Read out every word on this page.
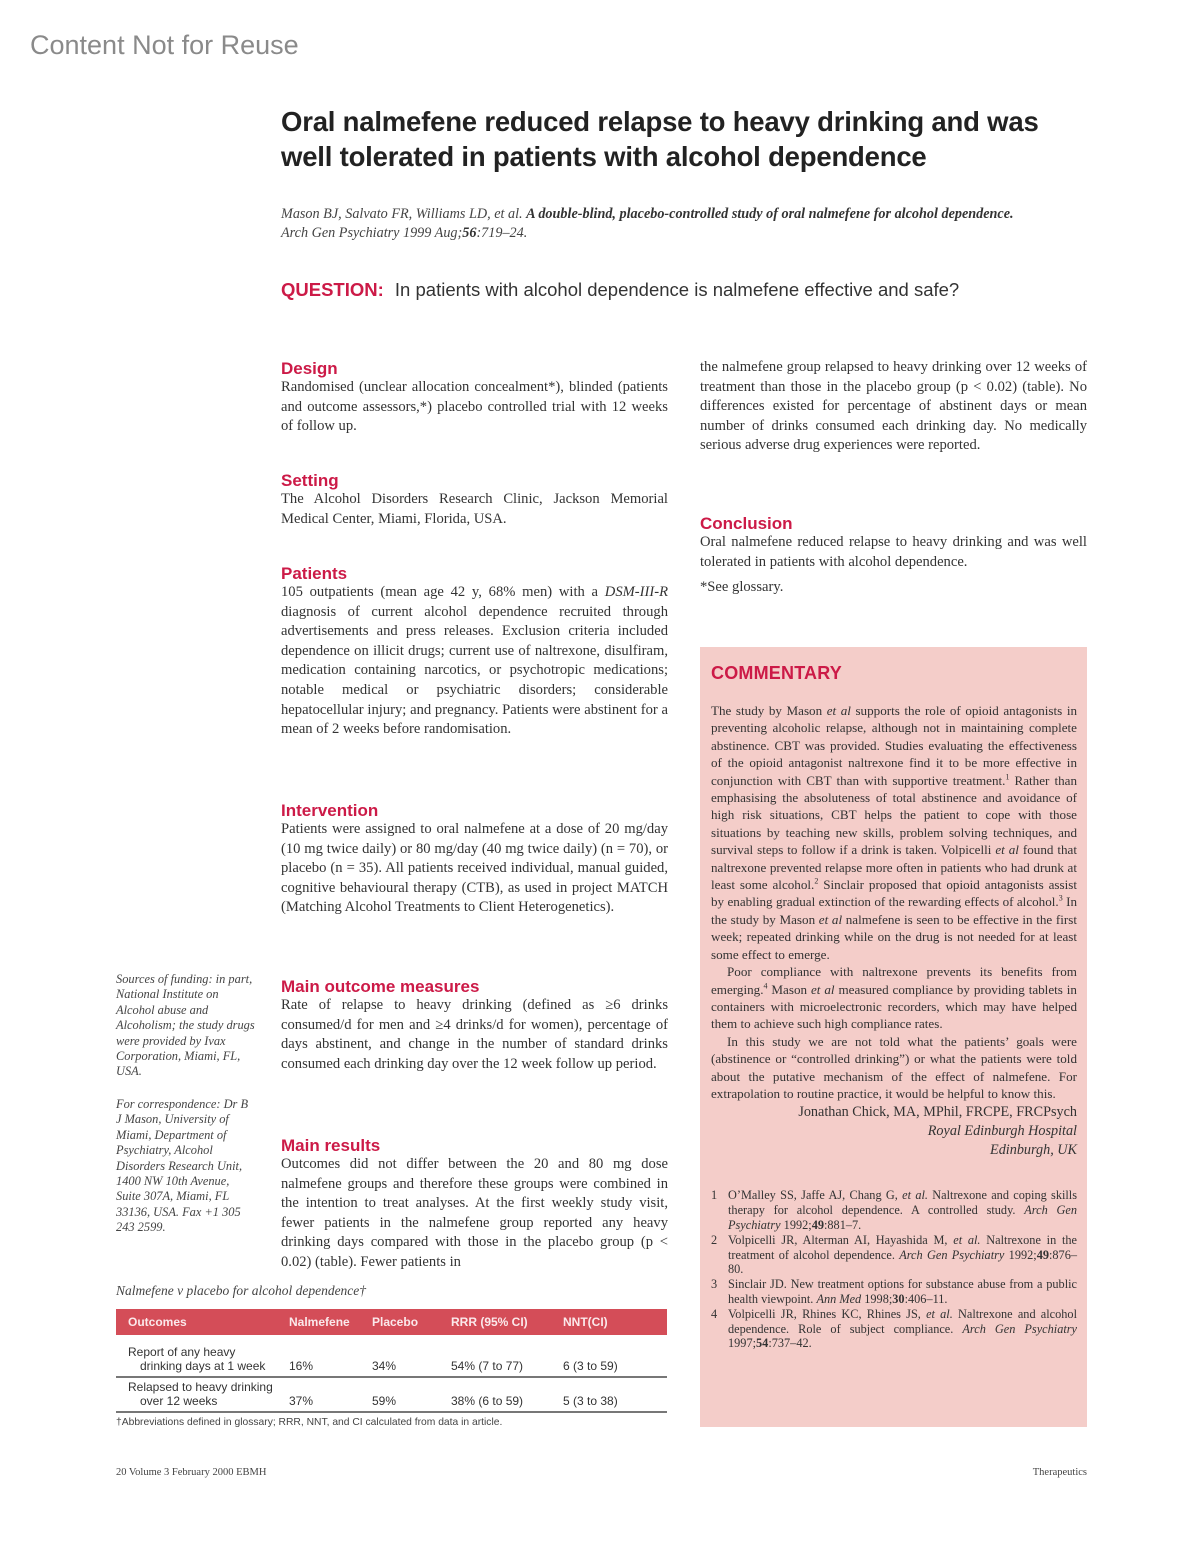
Content Not for Reuse
Oral nalmefene reduced relapse to heavy drinking and was well tolerated in patients with alcohol dependence
Mason BJ, Salvato FR, Williams LD, et al. A double-blind, placebo-controlled study of oral nalmefene for alcohol dependence. Arch Gen Psychiatry 1999 Aug;56:719–24.
QUESTION: In patients with alcohol dependence is nalmefene effective and safe?
Design

Randomised (unclear allocation concealment*), blinded (patients and outcome assessors,*) placebo controlled trial with 12 weeks of follow up.

Setting

The Alcohol Disorders Research Clinic, Jackson Memorial Medical Center, Miami, Florida, USA.

Patients

105 outpatients (mean age 42 y, 68% men) with a DSM-III-R diagnosis of current alcohol dependence recruited through advertisements and press releases. Exclusion criteria included dependence on illicit drugs; current use of naltrexone, disulfiram, medication containing narcotics, or psychotropic medications; notable medical or psychiatric disorders; considerable hepatocellular injury; and pregnancy. Patients were abstinent for a mean of 2 weeks before randomisation.

Intervention

Patients were assigned to oral nalmefene at a dose of 20 mg/day (10 mg twice daily) or 80 mg/day (40 mg twice daily) (n = 70), or placebo (n = 35). All patients received individual, manual guided, cognitive behavioural therapy (CTB), as used in project MATCH (Matching Alcohol Treatments to Client Heterogenetics).

Main outcome measures

Rate of relapse to heavy drinking (defined as ≥6 drinks consumed/d for men and ≥4 drinks/d for women), percentage of days abstinent, and change in the number of standard drinks consumed each drinking day over the 12 week follow up period.

Main results

Outcomes did not differ between the 20 and 80 mg dose nalmefene groups and therefore these groups were combined in the intention to treat analyses. At the first weekly study visit, fewer patients in the nalmefene group reported any heavy drinking days compared with those in the placebo group (p < 0.02) (table). Fewer patients in

Sources of funding: in part, National Institute on Alcohol abuse and Alcoholism; the study drugs were provided by Ivax Corporation, Miami, FL, USA.
For correspondence: Dr B J Mason, University of Miami, Department of Psychiatry, Alcohol Disorders Research Unit, 1400 NW 10th Avenue, Suite 307A, Miami, FL 33136, USA. Fax +1 305 243 2599.

the nalmefene group relapsed to heavy drinking over 12 weeks of treatment than those in the placebo group (p < 0.02) (table). No differences existed for percentage of abstinent days or mean number of drinks consumed each drinking day. No medically serious adverse drug experiences were reported.

Conclusion

Oral nalmefene reduced relapse to heavy drinking and was well tolerated in patients with alcohol dependence.

*See glossary.

COMMENTARY

The study by Mason et al supports the role of opioid antagonists in preventing alcoholic relapse, although not in maintaining complete abstinence. CBT was provided. Studies evaluating the effectiveness of the opioid antagonist naltrexone find it to be more effective in conjunction with CBT than with supportive treatment.$^1$ Rather than emphasising the absoluteness of total abstinence and avoidance of high risk situations, CBT helps the patient to cope with those situations by teaching new skills, problem solving techniques, and survival steps to follow if a drink is taken. Volpicelli et al found that naltrexone prevented relapse more often in patients who had drunk at least some alcohol.$^2$ Sinclair proposed that opioid antagonists assist by enabling gradual extinction of the rewarding effects of alcohol.$^3$ In the study by Mason et al nalmefene is seen to be effective in the first week; repeated drinking while on the drug is not needed for at least some effect to emerge.

Poor compliance with naltrexone prevents its benefits from emerging.$^4$ Mason et al measured compliance by providing tablets in containers with microelectronic recorders, which may have helped them to achieve such high compliance rates.

In this study we are not told what the patients’ goals were (abstinence or “controlled drinking”) or what the patients were told about the putative mechanism of the effect of nalmefene. For extrapolation to routine practice, it would be helpful to know this.

Jonathan Chick, MA, MPhil, FRCPE, FRCPsych
Royal Edinburgh Hospital
Edinburgh, UK
1 O’Malley SS, Jaffe AJ, Chang G, et al. Naltrexone and coping skills therapy for alcohol dependence. A controlled study. Arch Gen Psychiatry 1992;49:881–7.
2 Volpicelli JR, Alterman AI, Hayashida M, et al. Naltrexone in the treatment of alcohol dependence. Arch Gen Psychiatry 1992;49:876–80.
3 Sinclair JD. New treatment options for substance abuse from a public health viewpoint. Ann Med 1998;30:406–11.
4 Volpicelli JR, Rhines KC, Rhines JS, et al. Naltrexone and alcohol dependence. Role of subject compliance. Arch Gen Psychiatry 1997;54:737–42.
Nalmefene v placebo for alcohol dependence†
Outcomes	Nalmefene	Placebo	RRR (95% CI)	NNT(CI)

Report of any heavy
drinking days at 1 week	16%	34%	54% (7 to 77)	6 (3 to 59)

Relapsed to heavy drinking
over 12 weeks	37%	59%	38% (6 to 59)	5 (3 to 38)
†Abbreviations defined in glossary; RRR, NNT, and CI calculated from data in article.
20 Volume 3 February 2000 EBMH	Therapeutics
